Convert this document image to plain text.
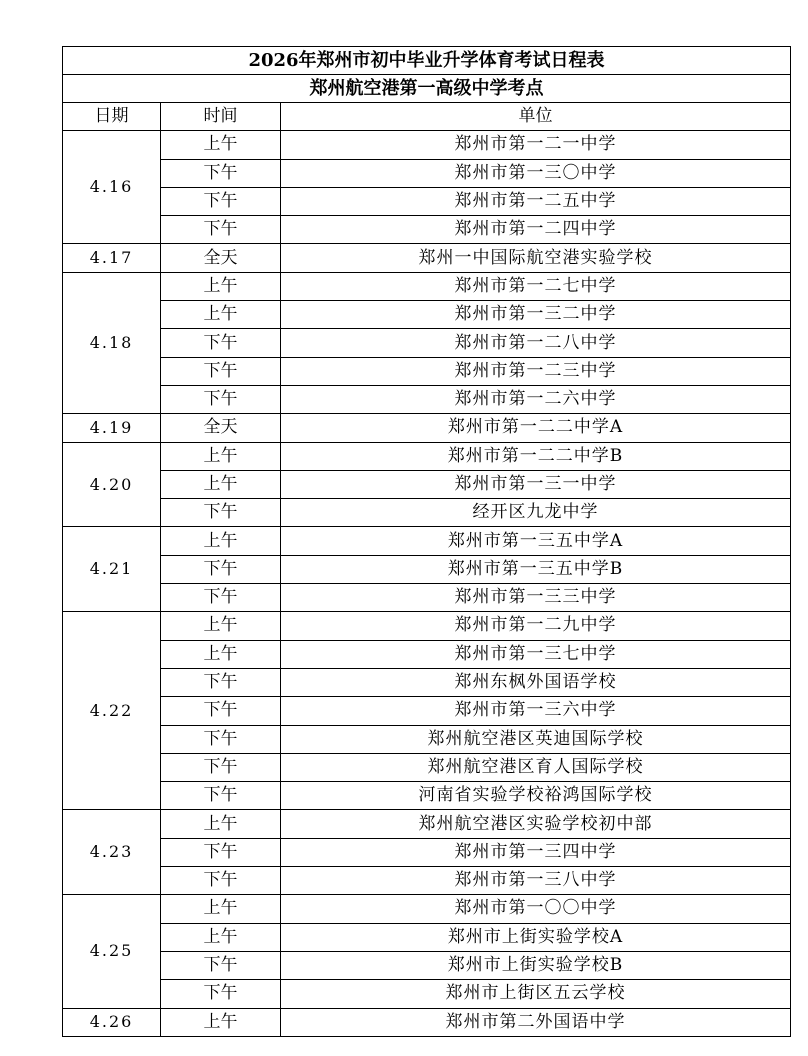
2026年郑州市初中毕业升学体育考试日程表		
郑州航空港第一高级中学考点		
日期	时间	单位
4.16	上午	郑州市第一二一中学
	下午	郑州市第一三〇中学
	下午	郑州市第一二五中学
	下午	郑州市第一二四中学
4.17	全天	郑州一中国际航空港实验学校
4.18	上午	郑州市第一二七中学
	上午	郑州市第一三二中学
	下午	郑州市第一二八中学
	下午	郑州市第一二三中学
	下午	郑州市第一二六中学
4.19	全天	郑州市第一二二中学A
4.20	上午	郑州市第一二二中学B
	上午	郑州市第一三一中学
	下午	经开区九龙中学
4.21	上午	郑州市第一三五中学A
	下午	郑州市第一三五中学B
	下午	郑州市第一三三中学
4.22	上午	郑州市第一二九中学
	上午	郑州市第一三七中学
	下午	郑州东枫外国语学校
	下午	郑州市第一三六中学
	下午	郑州航空港区英迪国际学校
	下午	郑州航空港区育人国际学校
	下午	河南省实验学校裕鸿国际学校
4.23	上午	郑州航空港区实验学校初中部
	下午	郑州市第一三四中学
	下午	郑州市第一三八中学
4.25	上午	郑州市第一〇〇中学
	上午	郑州市上街实验学校A
	下午	郑州市上街实验学校B
	下午	郑州市上街区五云学校
4.26	上午	郑州市第二外国语中学
